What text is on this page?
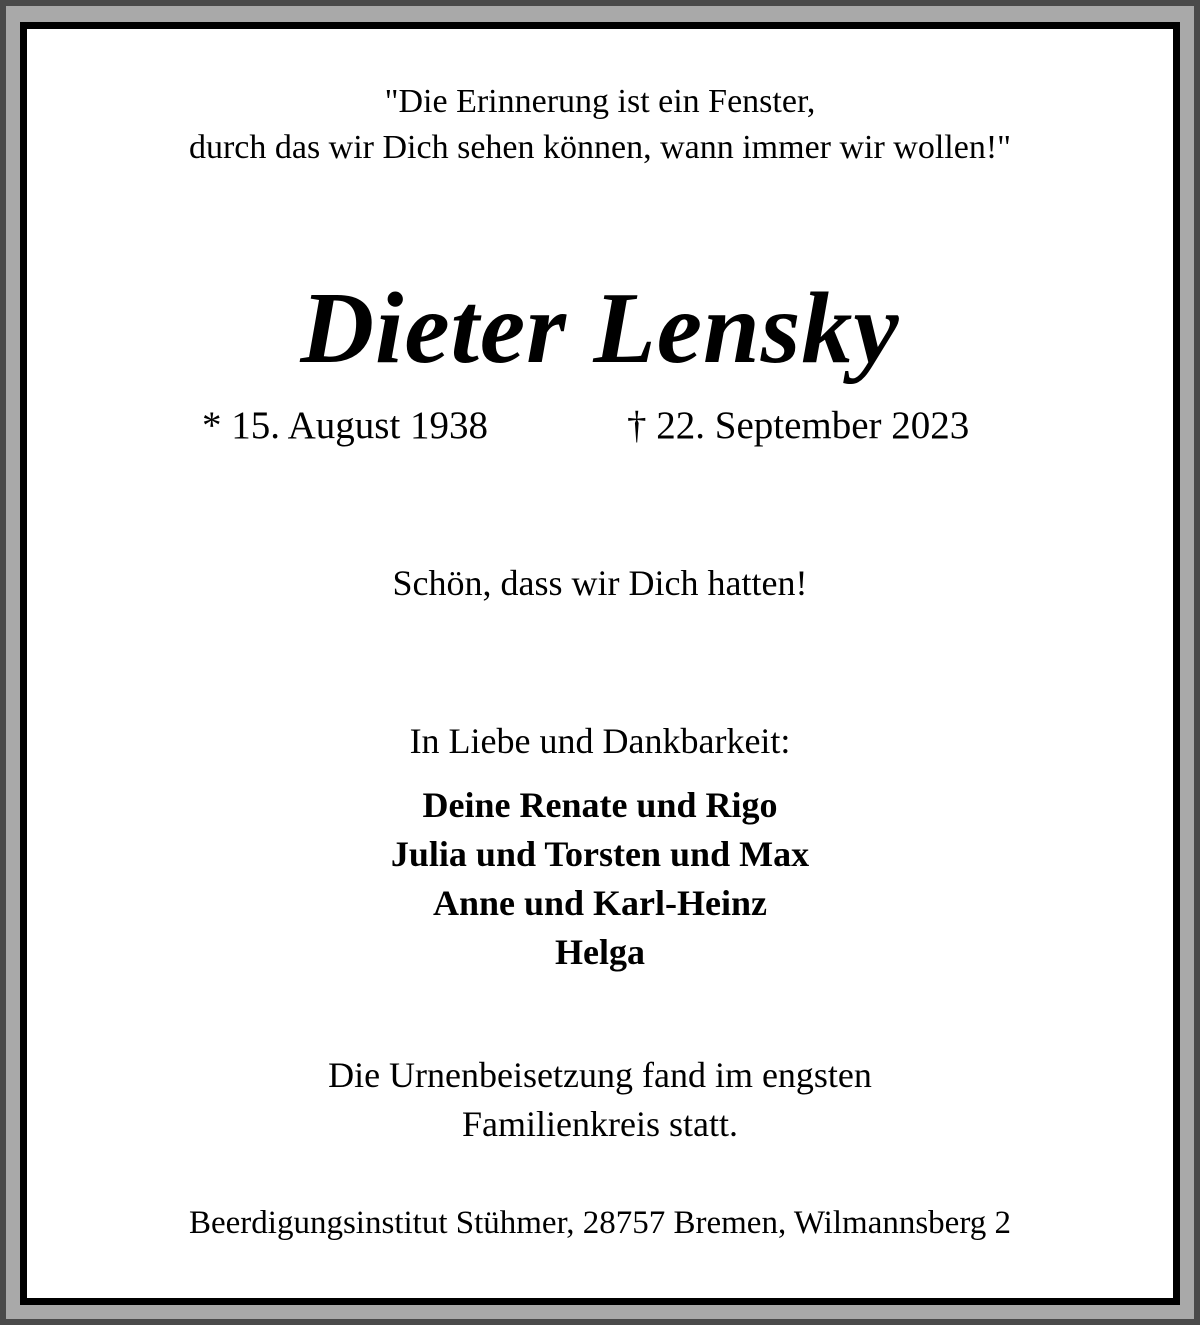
"Die Erinnerung ist ein Fenster,
durch das wir Dich sehen können, wann immer wir wollen!"
Dieter Lensky
* 15. August 1938	† 22. September 2023
Schön, dass wir Dich hatten!
In Liebe und Dankbarkeit:
Deine Renate und Rigo
Julia und Torsten und Max
Anne und Karl-Heinz
Helga
Die Urnenbeisetzung fand im engsten
Familienkreis statt.
Beerdigungsinstitut Stühmer, 28757 Bremen, Wilmannsberg 2
